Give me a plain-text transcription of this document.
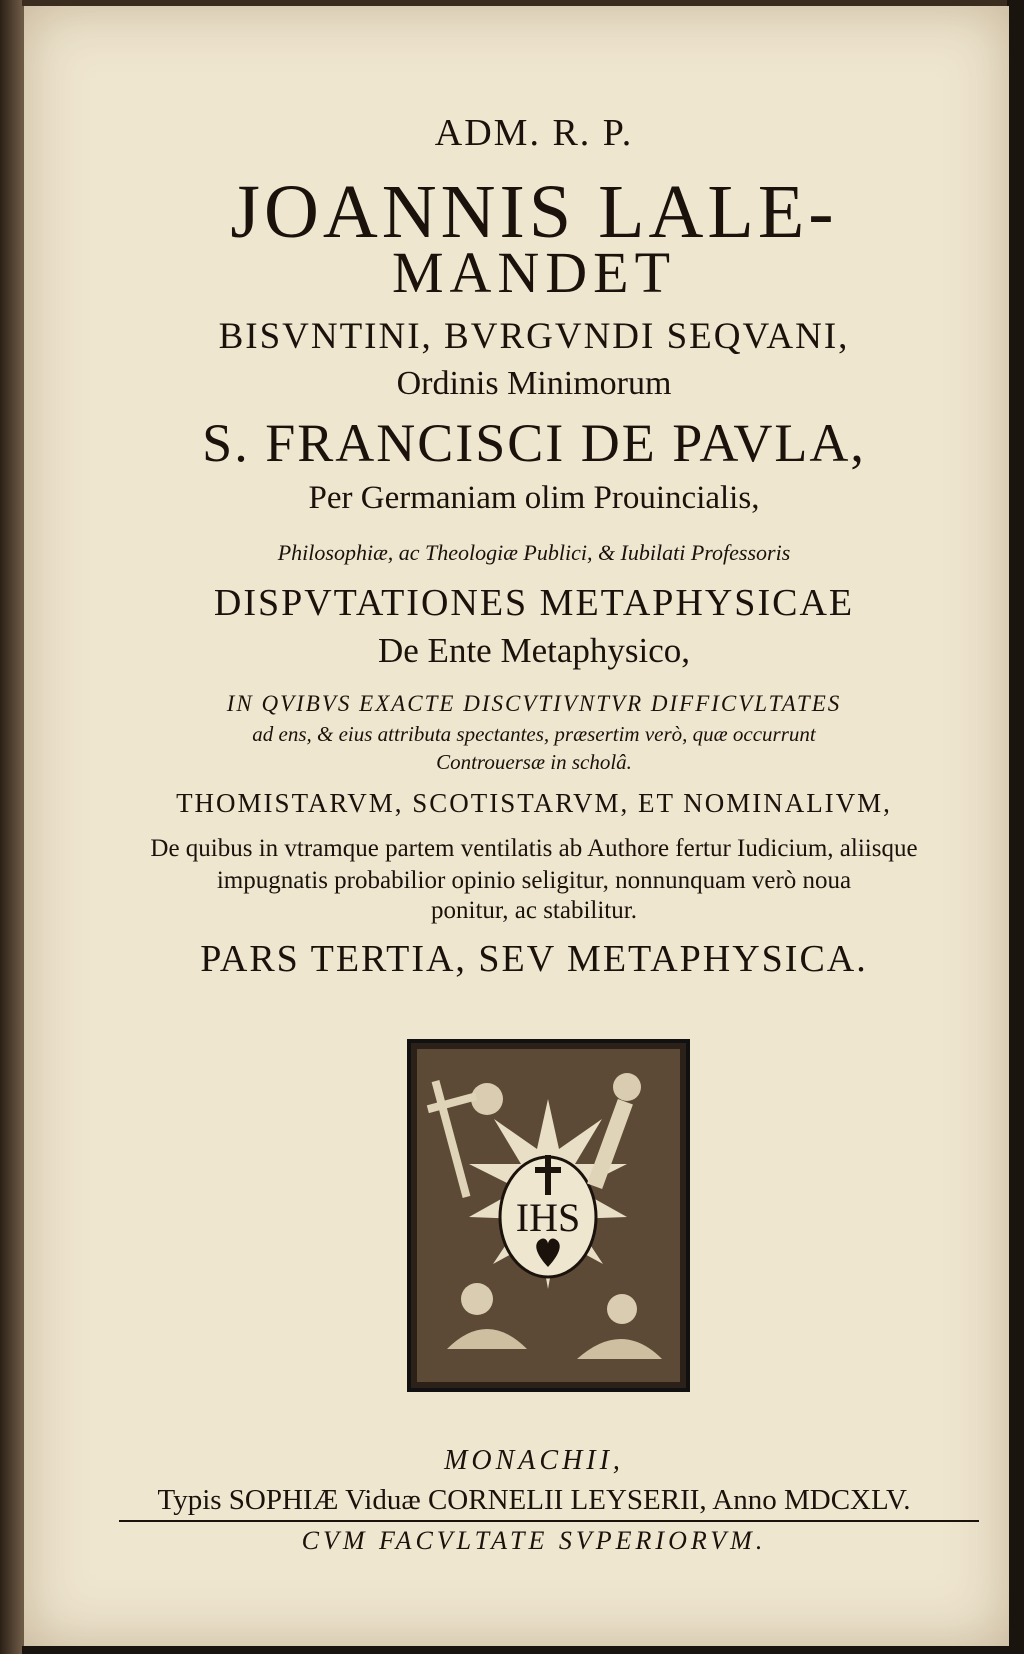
ADM. R. P.
JOANNIS LALE-
MANDET
BISVNTINI, BVRGVNDI SEQVANI,
Ordinis Minimorum
S. FRANCISCI DE PAVLA,
Per Germaniam olim Prouincialis,
Philosophiæ, ac Theologiæ Publici, & Iubilati Professoris
DISPVTATIONES METAPHYSICAE
De Ente Metaphysico,
IN QVIBVS EXACTE DISCVTIVNTVR DIFFICVLTATES
ad ens, & eius attributa spectantes, præsertim verò, quæ occurrunt
Controuersæ in scholâ.
THOMISTARVM, SCOTISTARVM, ET NOMINALIVM,
De quibus in vtramque partem ventilatis ab Authore fertur Iudicium, aliisque
impugnatis probabilior opinio seligitur, nonnunquam verò noua
ponitur, ac stabilitur.
PARS TERTIA, SEV METAPHYSICA.
IHS
MONACHII,
Typis SOPHIÆ Viduæ CORNELII LEYSERII, Anno MDCXLV.
CVM FACVLTATE SVPERIORVM.
